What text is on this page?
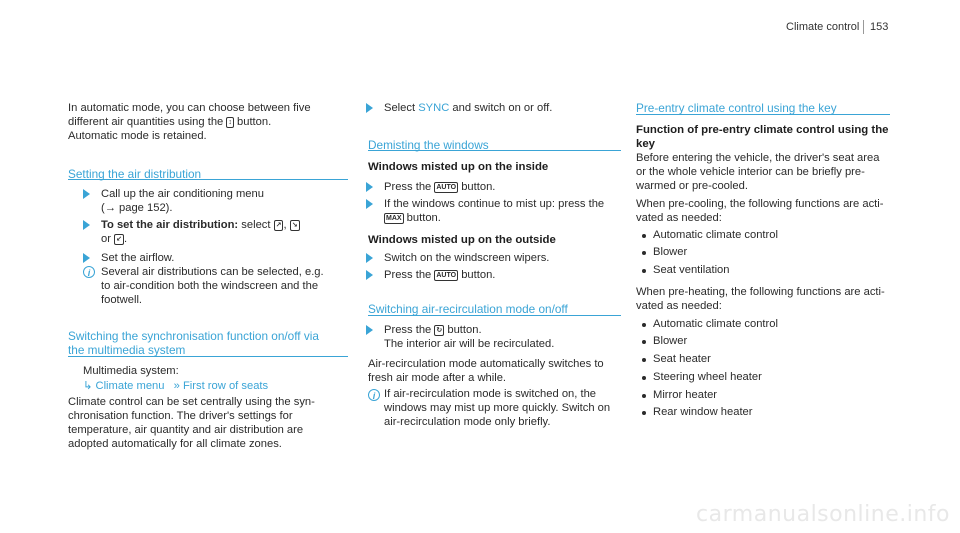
Climate control 153
In automatic mode, you can choose between five
different air quantities using the ↕ button.
Automatic mode is retained.
Setting the air distribution
Call up the air conditioning menu
(→ page 152).
To set the air distribution: select ↗ , ↘
or ↙ .
Set the airflow.
i Several air distributions can be selected, e.g.
to air-condition both the windscreen and the
footwell.
Switching the synchronisation function on/off via
the multimedia system
Multimedia system:
↳ Climate menu » First row of seats
Climate control can be set centrally using the syn-
chronisation function. The driver's settings for
temperature, air quantity and air distribution are
adopted automatically for all climate zones.
Select SYNC and switch on or off.
Demisting the windows
Windows misted up on the inside
Press the AUTO button.
If the windows continue to mist up: press the
MAX button.
Windows misted up on the outside
Switch on the windscreen wipers.
Press the AUTO button.
Switching air-recirculation mode on/off
Press the ↻ button.
The interior air will be recirculated.
Air-recirculation mode automatically switches to
fresh air mode after a while.
i If air-recirculation mode is switched on, the
windows may mist up more quickly. Switch on
air-recirculation mode only briefly.
Pre-entry climate control using the key
Function of pre-entry climate control using the
key
Before entering the vehicle, the driver's seat area
or the whole vehicle interior can be briefly pre-
warmed or pre-cooled.
When pre-cooling, the following functions are acti-
vated as needed:
Automatic climate control
Blower
Seat ventilation
When pre-heating, the following functions are acti-
vated as needed:
Automatic climate control
Blower
Seat heater
Steering wheel heater
Mirror heater
Rear window heater
carmanualsonline.info
